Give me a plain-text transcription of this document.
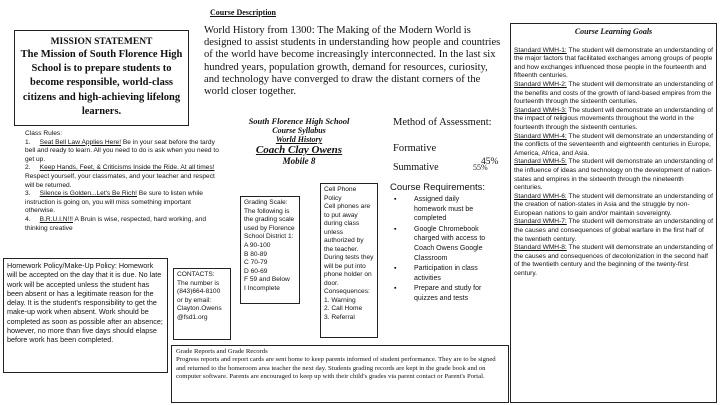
Course Description
World History from 1300: The Making of the Modern World is designed to assist students in understanding how people and countries of the world have become increasingly interconnected. In the last six hundred years, population growth, demand for resources, curiosity, and technology have converged to draw the distant corners of the world closer together.
MISSION STATEMENT
The Mission of South Florence High School is to prepare students to become responsible, world-class citizens and high-achieving lifelong learners.

Class Rules:

1. Seat Bell Law Applies Here! Be in your seat before the tardy bell and ready to learn. All you need to do is ask when you need to get up.

2. Keep Hands, Feet, & Criticisms Inside the Ride. At all times! Respect yourself, your classmates, and your teacher and respect will be returned.

3. Silence is Golden...Let's Be Rich! Be sure to listen while instruction is going on, you will miss something important otherwise.

4. B.R.U.I.N!!! A Bruin is wise, respected, hard working, and thinking creative

South Florence High School
Course Syllabus
World History
Coach Clay Owens
Mobile 8
Method of Assessment:
Formative
45%
Summative	55%
Grading Scale:
The following is the grading scale used by Florence School District 1:
A 90-100
B 80-89
C 70-79
D 60-69
F 59 and Below
I Incomplete
Cell Phone Policy
Cell phones are to put away during class unless authorized by the teacher. During tests they will be put into phone holder on door.
Consequences:
1. Warning
2. Call Home
3. Referral
Course Requirements:
▪ Assigned daily homework must be completed
▪ Google Chromebook charged with access to Coach Owens Google Classroom
▪ Participation in class activities
▪ Prepare and study for quizzes and tests
Homework Policy/Make-Up Policy: Homework will be accepted on the day that it is due. No late work will be accepted unless the student has been absent or has a legitimate reason for the delay. It is the student's responsibility to get the make-up work when absent. Work should be completed as soon as possible after an absence; however, no more than five days should elapse before work has been completed.
CONTACTS:
The number is (843)664-8100 or by email: Clayton.Owens @fsd1.org
Grade Reports and Grade Records
Progress reports and report cards are sent home to keep parents informed of student performance. They are to be signed and returned to the homeroom area teacher the next day. Students grading records are kept in the grade book and on computer software. Parents are encouraged to keep up with their child's grades via parent contact or Parent's Portal.
Course Learning Goals

Standard WMH-1: The student will demonstrate an understanding of the major factors that facilitated exchanges among groups of people and how exchanges influenced those people in the fourteenth and fifteenth centuries.

Standard WMH-2: The student will demonstrate an understanding of the benefits and costs of the growth of land-based empires from the fourteenth through the sixteenth centuries.

Standard WMH-3: The student will demonstrate an understanding of the impact of religious movements throughout the world in the fourteenth through the sixteenth centuries.

Standard WMH-4: The student will demonstrate an understanding of the conflicts of the seventeenth and eighteenth centuries in Europe, America, Africa, and Asia.

Standard WMH-5: The student will demonstrate an understanding of the influence of ideas and technology on the development of nation-states and empires in the sixteenth through the nineteenth centuries.

Standard WMH-6: The student will demonstrate an understanding of the creation of nation-states in Asia and the struggle by non-European nations to gain and/or maintain sovereignty.

Standard WMH-7: The student will demonstrate an understanding of the causes and consequences of global warfare in the first half of the twentieth century.

Standard WMH-8: The student will demonstrate an understanding of the causes and consequences of decolonization in the second half of the twentieth century and the beginning of the twenty-first century.
